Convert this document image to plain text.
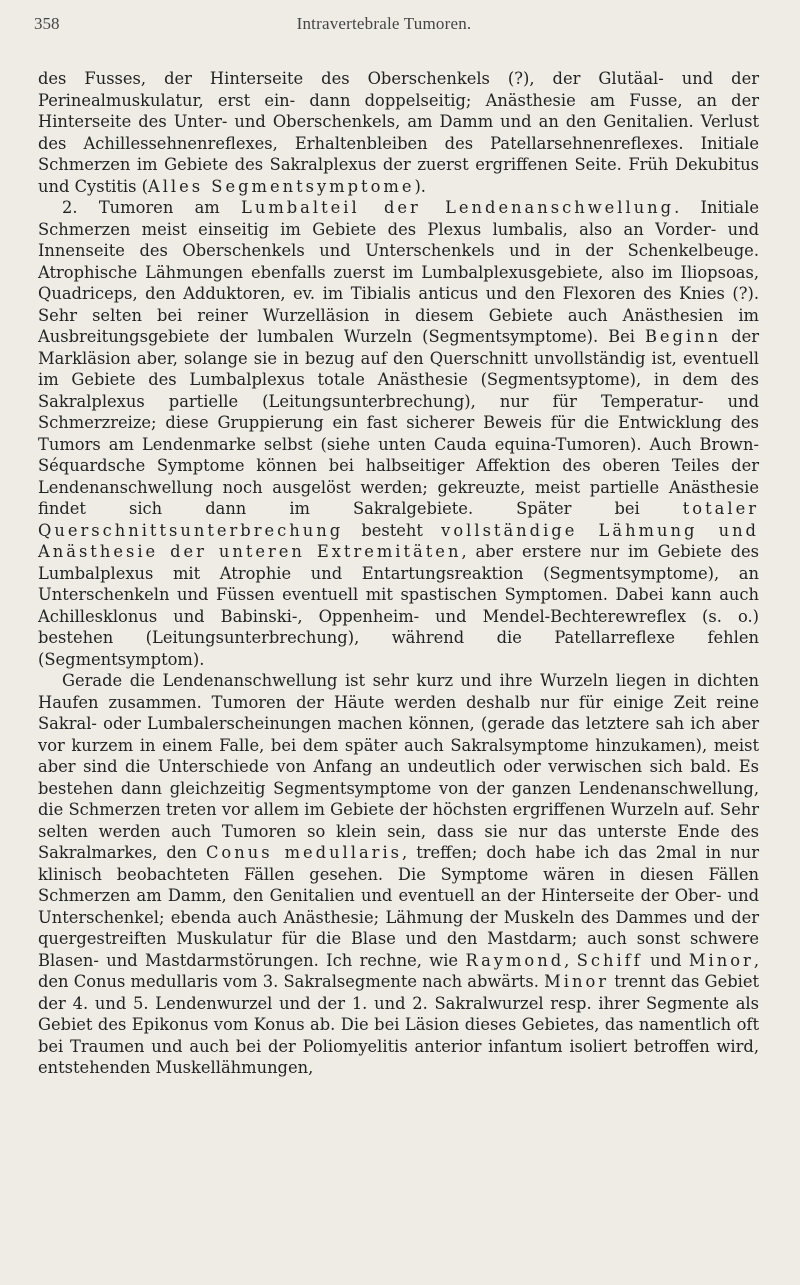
358	Intravertebrale Tumoren.

des Fusses, der Hinterseite des Oberschenkels (?), der Glutäal- und der Perinealmuskulatur, erst ein- dann doppelseitig; Anästhesie am Fusse, an der Hinterseite des Unter- und Oberschenkels, am Damm und an den Genitalien. Verlust des Achillessehnenreflexes, Erhaltenbleiben des Patellarsehnenreflexes. Initiale Schmerzen im Gebiete des Sakralplexus der zuerst ergriffenen Seite. Früh Dekubitus und Cystitis (Alles Segmentsymptome).

2. Tumoren am Lumbalteil der Lendenanschwellung. Initiale Schmerzen meist einseitig im Gebiete des Plexus lumbalis, also an Vorder- und Innenseite des Oberschenkels und Unterschenkels und in der Schenkelbeuge. Atrophische Lähmungen ebenfalls zuerst im Lumbalplexusgebiete, also im Iliopsoas, Quadriceps, den Adduktoren, ev. im Tibialis anticus und den Flexoren des Knies (?). Sehr selten bei reiner Wurzelläsion in diesem Gebiete auch Anästhesien im Ausbreitungsgebiete der lumbalen Wurzeln (Segmentsymptome). Bei Beginn der Markläsion aber, solange sie in bezug auf den Querschnitt unvollständig ist, eventuell im Gebiete des Lumbalplexus totale Anästhesie (Segmentsyptome), in dem des Sakralplexus partielle (Leitungsunterbrechung), nur für Temperatur- und Schmerzreize; diese Gruppierung ein fast sicherer Beweis für die Entwicklung des Tumors am Lendenmarke selbst (siehe unten Cauda equina-Tumoren). Auch Brown-Séquardsche Symptome können bei halbseitiger Affektion des oberen Teiles der Lendenanschwellung noch ausgelöst werden; gekreuzte, meist partielle Anästhesie findet sich dann im Sakralgebiete. Später bei totaler Querschnittsunterbrechung besteht vollständige Lähmung und Anästhesie der unteren Extremitäten, aber erstere nur im Gebiete des Lumbalplexus mit Atrophie und Entartungsreaktion (Segmentsymptome), an Unterschenkeln und Füssen eventuell mit spastischen Symptomen. Dabei kann auch Achillesklonus und Babinski-, Oppenheim- und Mendel-Bechterewreflex (s. o.) bestehen (Leitungsunterbrechung), während die Patellarreflexe fehlen (Segmentsymptom).

Gerade die Lendenanschwellung ist sehr kurz und ihre Wurzeln liegen in dichten Haufen zusammen. Tumoren der Häute werden deshalb nur für einige Zeit reine Sakral- oder Lumbalerscheinungen machen können, (gerade das letztere sah ich aber vor kurzem in einem Falle, bei dem später auch Sakralsymptome hinzukamen), meist aber sind die Unterschiede von Anfang an undeutlich oder verwischen sich bald. Es bestehen dann gleichzeitig Segmentsymptome von der ganzen Lendenanschwellung, die Schmerzen treten vor allem im Gebiete der höchsten ergriffenen Wurzeln auf. Sehr selten werden auch Tumoren so klein sein, dass sie nur das unterste Ende des Sakralmarkes, den Conus medullaris, treffen; doch habe ich das 2mal in nur klinisch beobachteten Fällen gesehen. Die Symptome wären in diesen Fällen Schmerzen am Damm, den Genitalien und eventuell an der Hinterseite der Ober- und Unterschenkel; ebenda auch Anästhesie; Lähmung der Muskeln des Dammes und der quergestreiften Muskulatur für die Blase und den Mastdarm; auch sonst schwere Blasen- und Mastdarmstörungen. Ich rechne, wie Raymond, Schiff und Minor, den Conus medullaris vom 3. Sakralsegmente nach abwärts. Minor trennt das Gebiet der 4. und 5. Lendenwurzel und der 1. und 2. Sakralwurzel resp. ihrer Segmente als Gebiet des Epikonus vom Konus ab. Die bei Läsion dieses Gebietes, das namentlich oft bei Traumen und auch bei der Poliomyelitis anterior infantum isoliert betroffen wird, entstehenden Muskellähmungen,
